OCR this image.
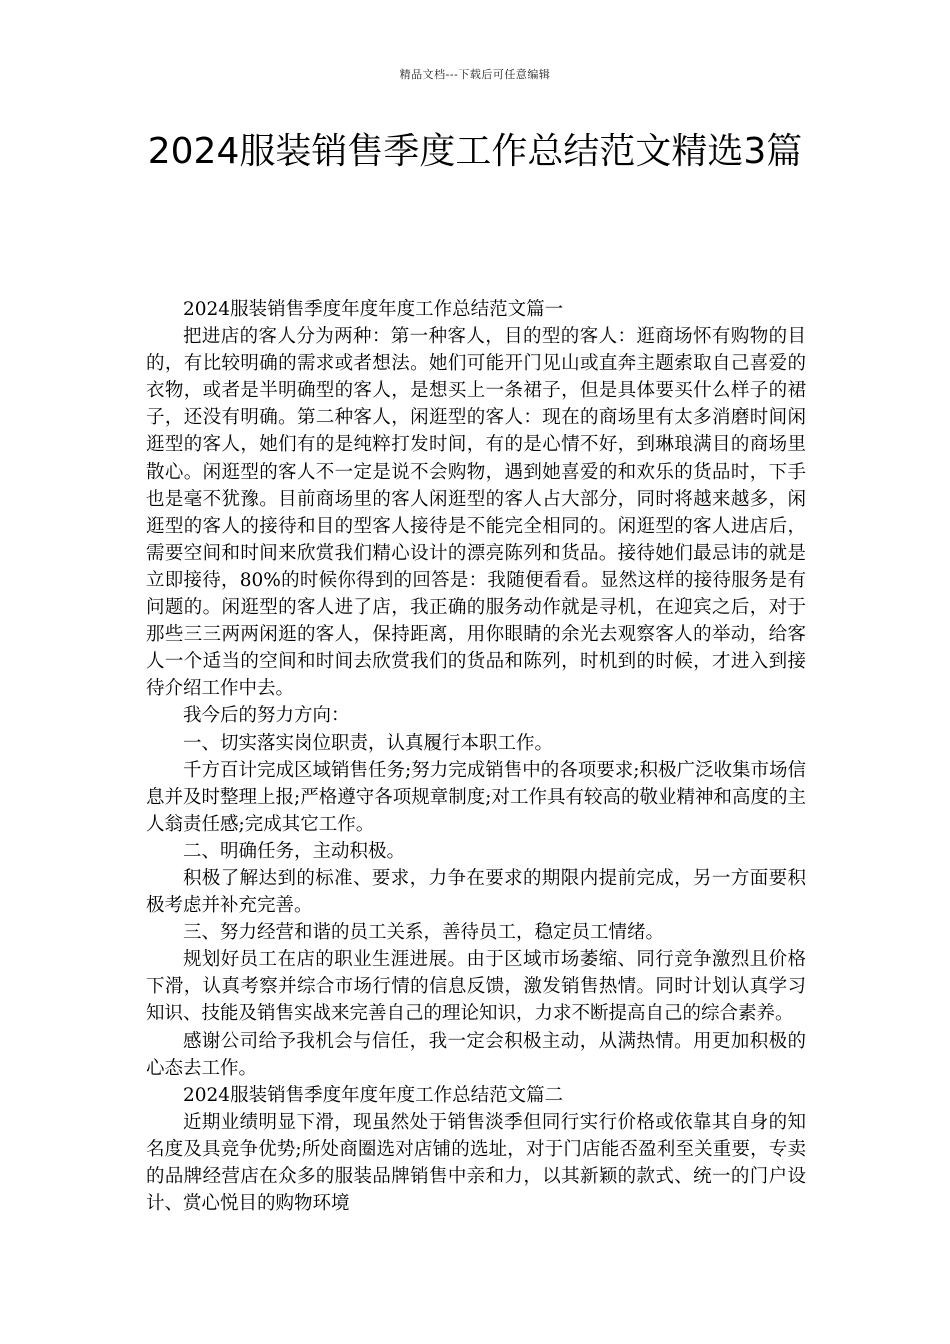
精品文档---下载后可任意编辑
2024服装销售季度工作总结范文精选3篇

2024服装销售季度年度年度工作总结范文篇一

把进店的客人分为两种：第一种客人，目的型的客人：逛商场怀有购物的目的，有比较明确的需求或者想法。她们可能开门见山或直奔主题索取自己喜爱的衣物，或者是半明确型的客人，是想买上一条裙子，但是具体要买什么样子的裙子，还没有明确。第二种客人，闲逛型的客人：现在的商场里有太多消磨时间闲逛型的客人，她们有的是纯粹打发时间，有的是心情不好，到琳琅满目的商场里散心。闲逛型的客人不一定是说不会购物，遇到她喜爱的和欢乐的货品时，下手也是毫不犹豫。目前商场里的客人闲逛型的客人占大部分，同时将越来越多，闲逛型的客人的接待和目的型客人接待是不能完全相同的。闲逛型的客人进店后，需要空间和时间来欣赏我们精心设计的漂亮陈列和货品。接待她们最忌讳的就是立即接待，80%的时候你得到的回答是：我随便看看。显然这样的接待服务是有问题的。闲逛型的客人进了店，我正确的服务动作就是寻机，在迎宾之后，对于那些三三两两闲逛的客人，保持距离，用你眼睛的余光去观察客人的举动，给客人一个适当的空间和时间去欣赏我们的货品和陈列，时机到的时候，才进入到接待介绍工作中去。

我今后的努力方向：

一、切实落实岗位职责，认真履行本职工作。

千方百计完成区域销售任务;努力完成销售中的各项要求;积极广泛收集市场信息并及时整理上报;严格遵守各项规章制度;对工作具有较高的敬业精神和高度的主人翁责任感;完成其它工作。

二、明确任务，主动积极。

积极了解达到的标准、要求，力争在要求的期限内提前完成，另一方面要积极考虑并补充完善。

三、努力经营和谐的员工关系，善待员工，稳定员工情绪。

规划好员工在店的职业生涯进展。由于区域市场萎缩、同行竞争激烈且价格下滑，认真考察并综合市场行情的信息反馈，激发销售热情。同时计划认真学习知识、技能及销售实战来完善自己的理论知识，力求不断提高自己的综合素养。

感谢公司给予我机会与信任，我一定会积极主动，从满热情。用更加积极的心态去工作。

2024服装销售季度年度年度工作总结范文篇二

近期业绩明显下滑，现虽然处于销售淡季但同行实行价格或依靠其自身的知名度及具竞争优势;所处商圈选对店铺的选址，对于门店能否盈利至关重要，专卖的品牌经营店在众多的服装品牌销售中亲和力，以其新颖的款式、统一的门户设计、赏心悦目的购物环境
